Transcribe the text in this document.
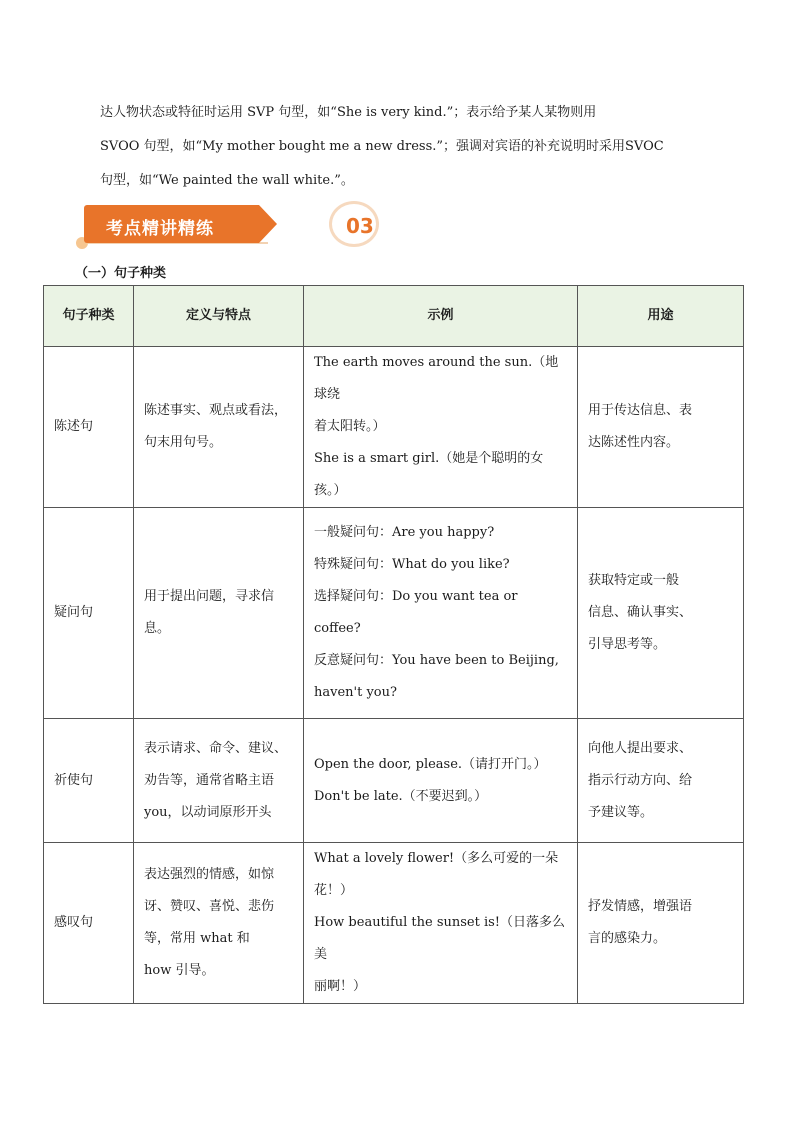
达人物状态或特征时运用 SVP 句型，如“She is very kind.”；表示给予某人某物则用

SVOO 句型，如“My mother bought me a new dress.”；强调对宾语的补充说明时采用SVOC

句型，如“We painted the wall white.”。

考点精讲精练	03
（一）句子种类
句子种类	定义与特点	示例	用途
陈述句	陈述事实、观点或看法，
句末用句号。	The earth moves around the sun.（地球绕
着太阳转。）
She is a smart girl.（她是个聪明的女孩。）	用于传达信息、表
达陈述性内容。

疑问句	用于提出问题，寻求信
息。	一般疑问句：Are you happy?
特殊疑问句：What do you like?
选择疑问句：Do you want tea or coffee?
反意疑问句：You have been to Beijing,
haven't you?	获取特定或一般
信息、确认事实、
引导思考等。

祈使句	表示请求、命令、建议、
劝告等，通常省略主语
you，以动词原形开头	Open the door, please.（请打开门。）
Don't be late.（不要迟到。）	向他人提出要求、
指示行动方向、给
予建议等。

感叹句	表达强烈的情感，如惊
讶、赞叹、喜悦、悲伤
等，常用 what 和
how 引导。	What a lovely flower!（多么可爱的一朵
花！）
How beautiful the sunset is!（日落多么美
丽啊！）	抒发情感，增强语
言的感染力。
